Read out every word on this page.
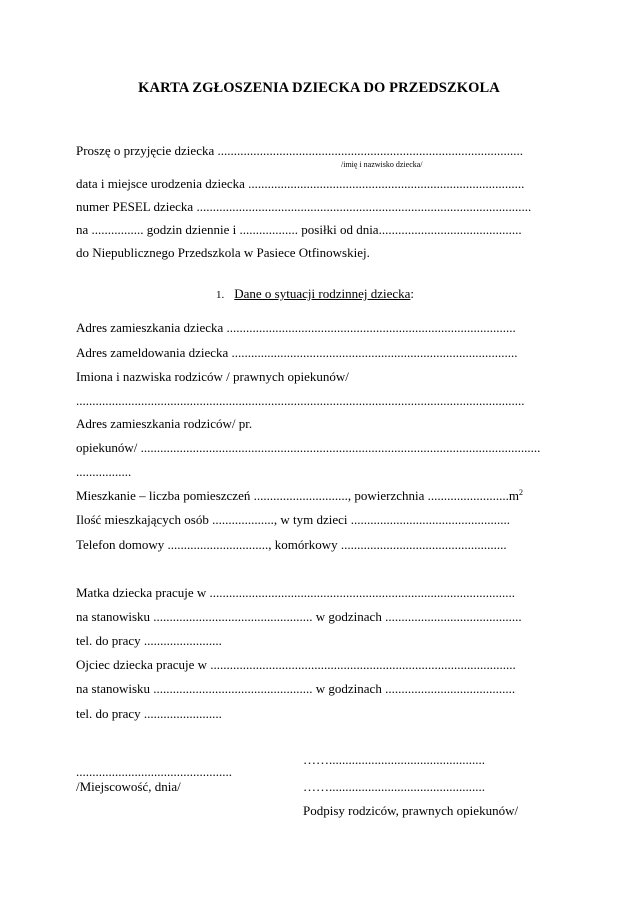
KARTA ZGŁOSZENIA DZIECKA DO PRZEDSZKOLA
Proszę o przyjęcie dziecka ..............................................................................................
/imię i nazwisko dziecka/
data i miejsce urodzenia dziecka .....................................................................................
numer PESEL dziecka .......................................................................................................
na ................ godzin dziennie i .................. posiłki od dnia............................................
do Niepublicznego Przedszkola w Pasiece Otfinowskiej.
1. Dane o sytuacji rodzinnej dziecka:
Adres zamieszkania dziecka .........................................................................................
Adres zameldowania dziecka ........................................................................................
Imiona i nazwiska rodziców / prawnych opiekunów/
..........................................................................................................................................
Adres zamieszkania rodziców/ pr.
opiekunów/ ...........................................................................................................................
.................
Mieszkanie – liczba pomieszczeń ............................., powierzchnia $.........................m^2$
Ilość mieszkających osób ..................., w tym dzieci .................................................
Telefon domowy ..............................., komórkowy ...................................................
Matka dziecka pracuje w ..............................................................................................
na stanowisku ................................................. w godzinach ..........................................
tel. do pracy ........................
Ojciec dziecka pracuje w ..............................................................................................
na stanowisku ................................................. w godzinach ........................................
tel. do pracy ........................
……................................................
................................................
/Miejscowość, dnia/	……................................................
Podpisy rodziców, prawnych opiekunów/
